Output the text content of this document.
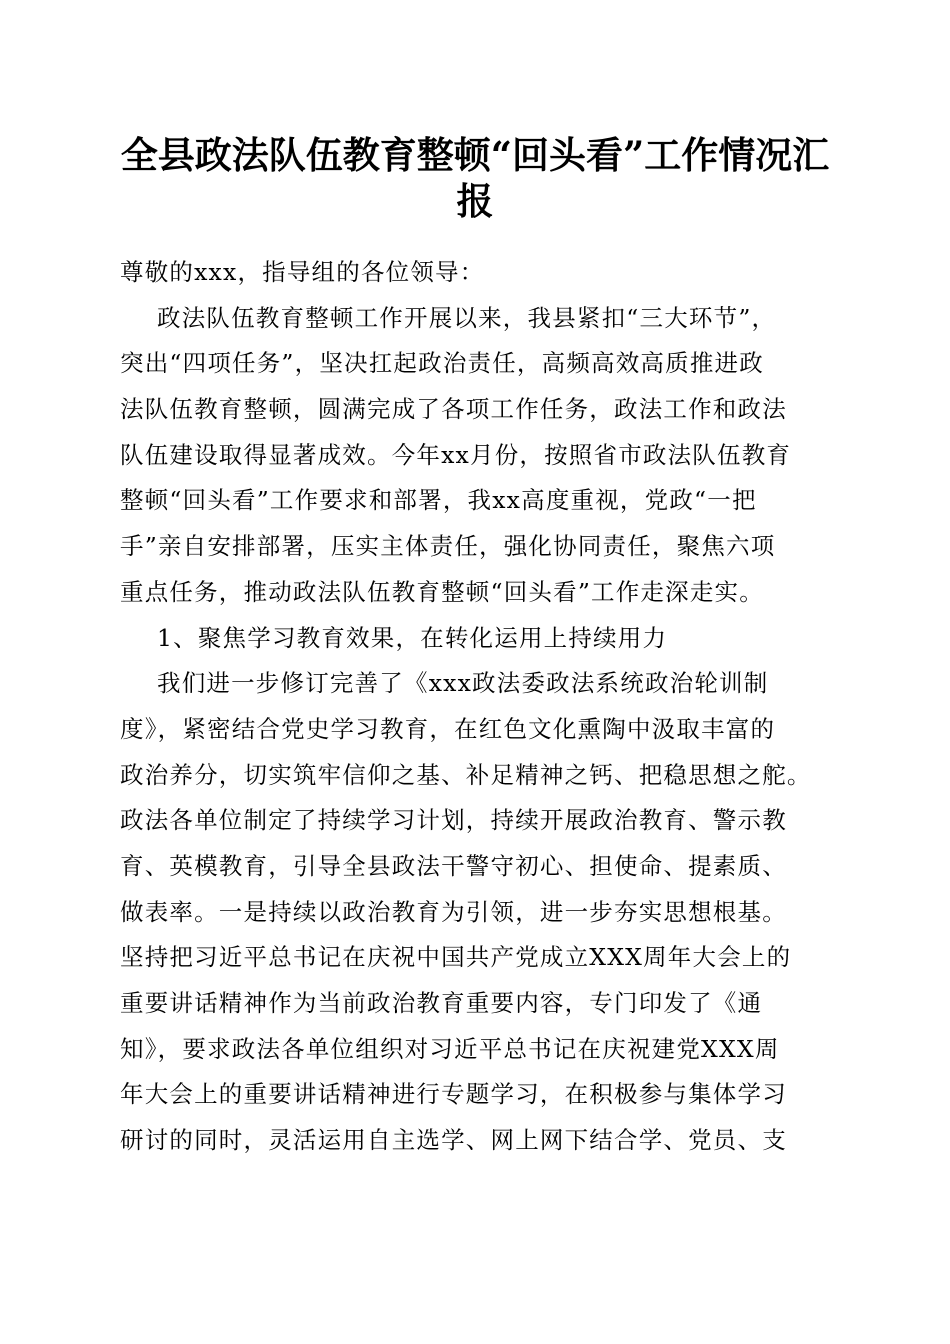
全县政法队伍教育整顿“回头看”工作情况汇
报
尊敬的xxx，指导组的各位领导：
政法队伍教育整顿工作开展以来，我县紧扣“三大环节”，
突出“四项任务”，坚决扛起政治责任，高频高效高质推进政
法队伍教育整顿，圆满完成了各项工作任务，政法工作和政法
队伍建设取得显著成效。今年xx月份，按照省市政法队伍教育
整顿“回头看”工作要求和部署，我xx高度重视，党政“一把
手”亲自安排部署，压实主体责任，强化协同责任，聚焦六项
重点任务，推动政法队伍教育整顿“回头看”工作走深走实。
1、聚焦学习教育效果，在转化运用上持续用力
我们进一步修订完善了《xxx政法委政法系统政治轮训制
度》，紧密结合党史学习教育，在红色文化熏陶中汲取丰富的
政治养分，切实筑牢信仰之基、补足精神之钙、把稳思想之舵。
政法各单位制定了持续学习计划，持续开展政治教育、警示教
育、英模教育，引导全县政法干警守初心、担使命、提素质、
做表率。一是持续以政治教育为引领，进一步夯实思想根基。
坚持把习近平总书记在庆祝中国共产党成立XXX周年大会上的
重要讲话精神作为当前政治教育重要内容，专门印发了《通
知》，要求政法各单位组织对习近平总书记在庆祝建党XXX周
年大会上的重要讲话精神进行专题学习，在积极参与集体学习
研讨的同时，灵活运用自主选学、网上网下结合学、党员、支
